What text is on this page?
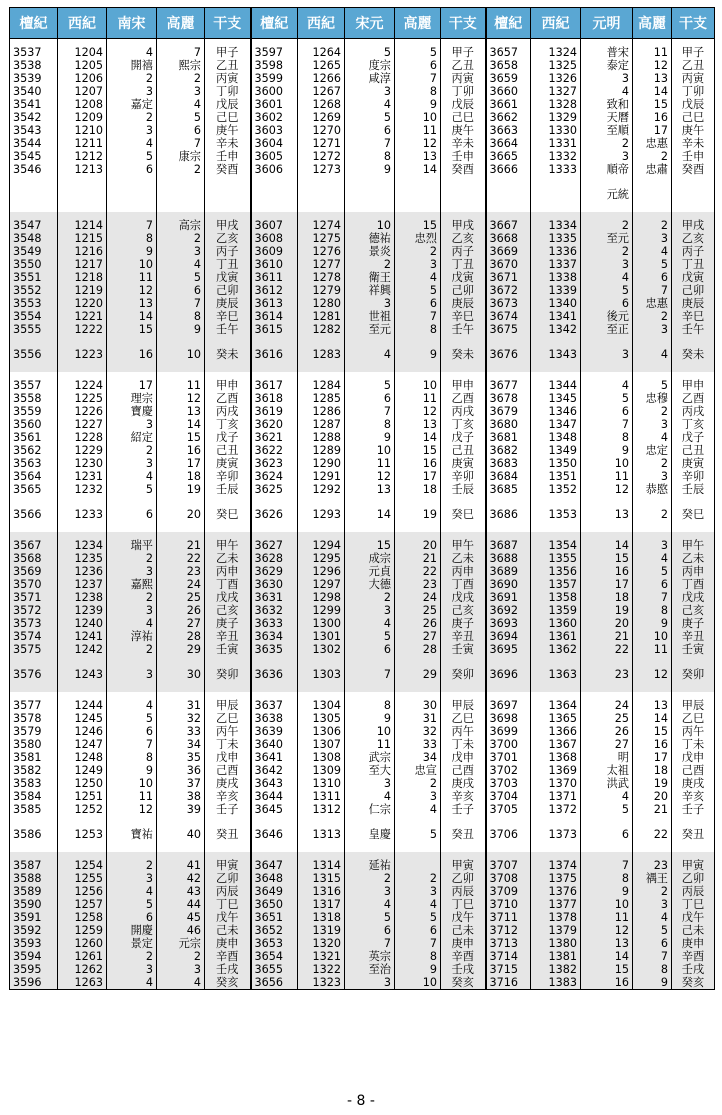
檀紀	西紀	南宋	高麗	干支	檀紀	西紀	宋元	高麗	干支	檀紀	西紀	元明	高麗	干支
3537	1204	4	7	甲子	3597	1264	5	5	甲子	3657	1324	普宋	11	甲子
3538	1205	開禧	熙宗	乙丑	3598	1265	度宗	6	乙丑	3658	1325	泰定	12	乙丑
3539	1206	2	2	丙寅	3599	1266	咸淳	7	丙寅	3659	1326	3	13	丙寅
3540	1207	3	3	丁卯	3600	1267	3	8	丁卯	3660	1327	4	14	丁卯
3541	1208	嘉定	4	戊辰	3601	1268	4	9	戊辰	3661	1328	致和	15	戊辰
3542	1209	2	5	己巳	3602	1269	5	10	己巳	3662	1329	天曆	16	己巳
3543	1210	3	6	庚午	3603	1270	6	11	庚午	3663	1330	至順	17	庚午
3544	1211	4	7	辛未	3604	1271	7	12	辛未	3664	1331	2	忠惠	辛未
3545	1212	5	康宗	壬申	3605	1272	8	13	壬申	3665	1332	3	2	壬申
3546	1213	6	2	癸酉	3606	1273	9	14	癸酉	3666	1333	順帝	忠肅	癸酉
												元統		
3547	1214	7	高宗	甲戌	3607	1274	10	15	甲戌	3667	1334	2	2	甲戌
3548	1215	8	2	乙亥	3608	1275	德祐	忠烈	乙亥	3668	1335	至元	3	乙亥
3549	1216	9	3	丙子	3609	1276	景炎	2	丙子	3669	1336	2	4	丙子
3550	1217	10	4	丁丑	3610	1277	2	3	丁丑	3670	1337	3	5	丁丑
3551	1218	11	5	戊寅	3611	1278	衛王	4	戊寅	3671	1338	4	6	戊寅
3552	1219	12	6	己卯	3612	1279	祥興	5	己卯	3672	1339	5	7	己卯
3553	1220	13	7	庚辰	3613	1280	3	6	庚辰	3673	1340	6	忠惠	庚辰
3554	1221	14	8	辛巳	3614	1281	世祖	7	辛巳	3674	1341	後元	2	辛巳
3555	1222	15	9	壬午	3615	1282	至元	8	壬午	3675	1342	至正	3	壬午
3556	1223	16	10	癸未	3616	1283	4	9	癸未	3676	1343	3	4	癸未
3557	1224	17	11	甲申	3617	1284	5	10	甲申	3677	1344	4	5	甲申
3558	1225	理宗	12	乙酉	3618	1285	6	11	乙酉	3678	1345	5	忠穆	乙酉
3559	1226	寶慶	13	丙戌	3619	1286	7	12	丙戌	3679	1346	6	2	丙戌
3560	1227	3	14	丁亥	3620	1287	8	13	丁亥	3680	1347	7	3	丁亥
3561	1228	紹定	15	戊子	3621	1288	9	14	戊子	3681	1348	8	4	戊子
3562	1229	2	16	己丑	3622	1289	10	15	己丑	3682	1349	9	忠定	己丑
3563	1230	3	17	庚寅	3623	1290	11	16	庚寅	3683	1350	10	2	庚寅
3564	1231	4	18	辛卯	3624	1291	12	17	辛卯	3684	1351	11	3	辛卯
3565	1232	5	19	壬辰	3625	1292	13	18	壬辰	3685	1352	12	恭愍	壬辰
3566	1233	6	20	癸巳	3626	1293	14	19	癸巳	3686	1353	13	2	癸巳
3567	1234	瑞平	21	甲午	3627	1294	15	20	甲午	3687	1354	14	3	甲午
3568	1235	2	22	乙未	3628	1295	成宗	21	乙未	3688	1355	15	4	乙未
3569	1236	3	23	丙申	3629	1296	元貞	22	丙申	3689	1356	16	5	丙申
3570	1237	嘉熙	24	丁酉	3630	1297	大德	23	丁酉	3690	1357	17	6	丁酉
3571	1238	2	25	戊戌	3631	1298	2	24	戊戌	3691	1358	18	7	戊戌
3572	1239	3	26	己亥	3632	1299	3	25	己亥	3692	1359	19	8	己亥
3573	1240	4	27	庚子	3633	1300	4	26	庚子	3693	1360	20	9	庚子
3574	1241	淳祐	28	辛丑	3634	1301	5	27	辛丑	3694	1361	21	10	辛丑
3575	1242	2	29	壬寅	3635	1302	6	28	壬寅	3695	1362	22	11	壬寅
3576	1243	3	30	癸卯	3636	1303	7	29	癸卯	3696	1363	23	12	癸卯
3577	1244	4	31	甲辰	3637	1304	8	30	甲辰	3697	1364	24	13	甲辰
3578	1245	5	32	乙巳	3638	1305	9	31	乙巳	3698	1365	25	14	乙巳
3579	1246	6	33	丙午	3639	1306	10	32	丙午	3699	1366	26	15	丙午
3580	1247	7	34	丁未	3640	1307	11	33	丁未	3700	1367	27	16	丁未
3581	1248	8	35	戊申	3641	1308	武宗	34	戊申	3701	1368	明	17	戊申
3582	1249	9	36	己酉	3642	1309	至大	忠宣	己酉	3702	1369	太祖	18	己酉
3583	1250	10	37	庚戌	3643	1310	3	2	庚戌	3703	1370	洪武	19	庚戌
3584	1251	11	38	辛亥	3644	1311	4	3	辛亥	3704	1371	4	20	辛亥
3585	1252	12	39	壬子	3645	1312	仁宗	4	壬子	3705	1372	5	21	壬子
3586	1253	寶祐	40	癸丑	3646	1313	皇慶	5	癸丑	3706	1373	6	22	癸丑
3587	1254	2	41	甲寅	3647	1314	延祐		甲寅	3707	1374	7	23	甲寅
3588	1255	3	42	乙卯	3648	1315	2	2	乙卯	3708	1375	8	禑王	乙卯
3589	1256	4	43	丙辰	3649	1316	3	3	丙辰	3709	1376	9	2	丙辰
3590	1257	5	44	丁巳	3650	1317	4	4	丁巳	3710	1377	10	3	丁巳
3591	1258	6	45	戊午	3651	1318	5	5	戊午	3711	1378	11	4	戊午
3592	1259	開慶	46	己未	3652	1319	6	6	己未	3712	1379	12	5	己未
3593	1260	景定	元宗	庚申	3653	1320	7	7	庚申	3713	1380	13	6	庚申
3594	1261	2	2	辛酉	3654	1321	英宗	8	辛酉	3714	1381	14	7	辛酉
3595	1262	3	3	壬戌	3655	1322	至治	9	壬戌	3715	1382	15	8	壬戌
3596	1263	4	4	癸亥	3656	1323	3	10	癸亥	3716	1383	16	9	癸亥
- 8 -
